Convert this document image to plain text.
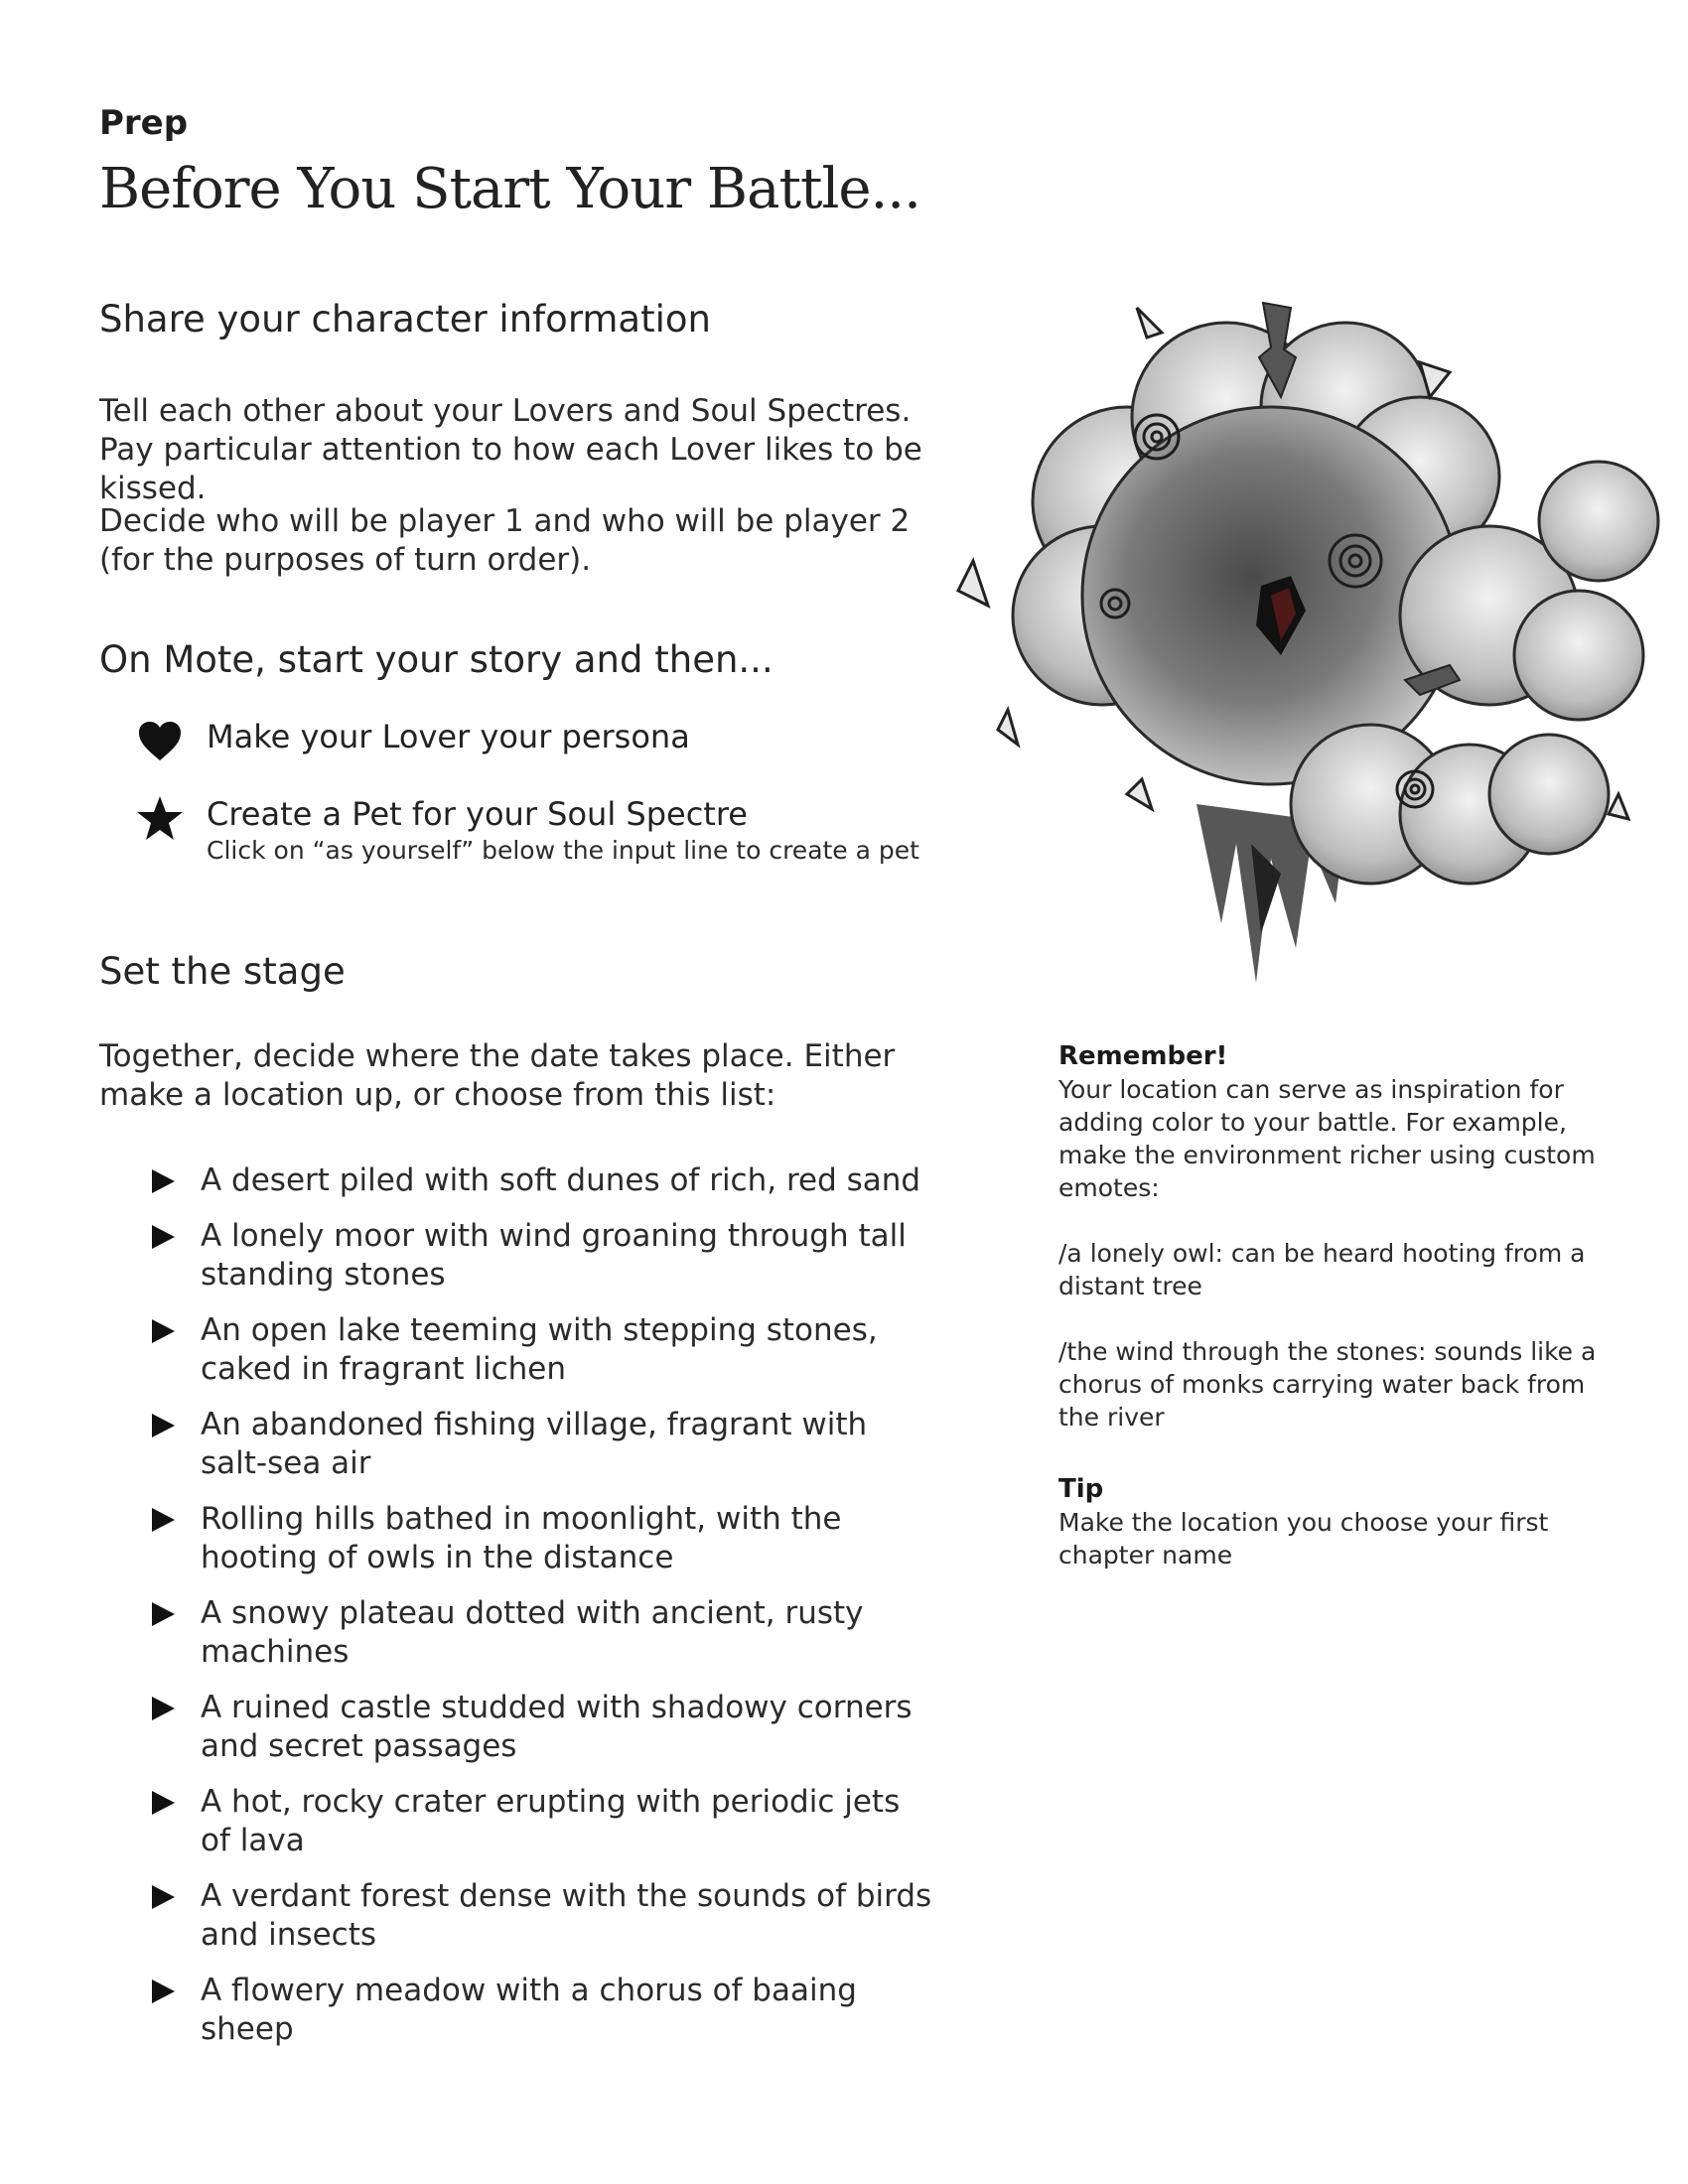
Prep
Before You Start Your Battle...
Share your character information
Tell each other about your Lovers and Soul Spectres. Pay particular attention to how each Lover likes to be kissed.
Decide who will be player 1 and who will be player 2 (for the purposes of turn order).
On Mote, start your story and then...
Make your Lover your persona
Create a Pet for your Soul Spectre
Click on “as yourself” below the input line to create a pet
Set the stage
Together, decide where the date takes place. Either make a location up, or choose from this list:
A desert piled with soft dunes of rich, red sand
A lonely moor with wind groaning through tall standing stones
An open lake teeming with stepping stones, caked in fragrant lichen
An abandoned fishing village, fragrant with salt-sea air
Rolling hills bathed in moonlight, with the hooting of owls in the distance
A snowy plateau dotted with ancient, rusty machines
A ruined castle studded with shadowy corners and secret passages
A hot, rocky crater erupting with periodic jets of lava
A verdant forest dense with the sounds of birds and insects
A flowery meadow with a chorus of baaing sheep
Remember!
Your location can serve as inspiration for adding color to your battle. For example, make the environment richer using custom emotes:
/a lonely owl: can be heard hooting from a distant tree
/the wind through the stones: sounds like a chorus of monks carrying water back from the river
Tip
Make the location you choose your first chapter name
